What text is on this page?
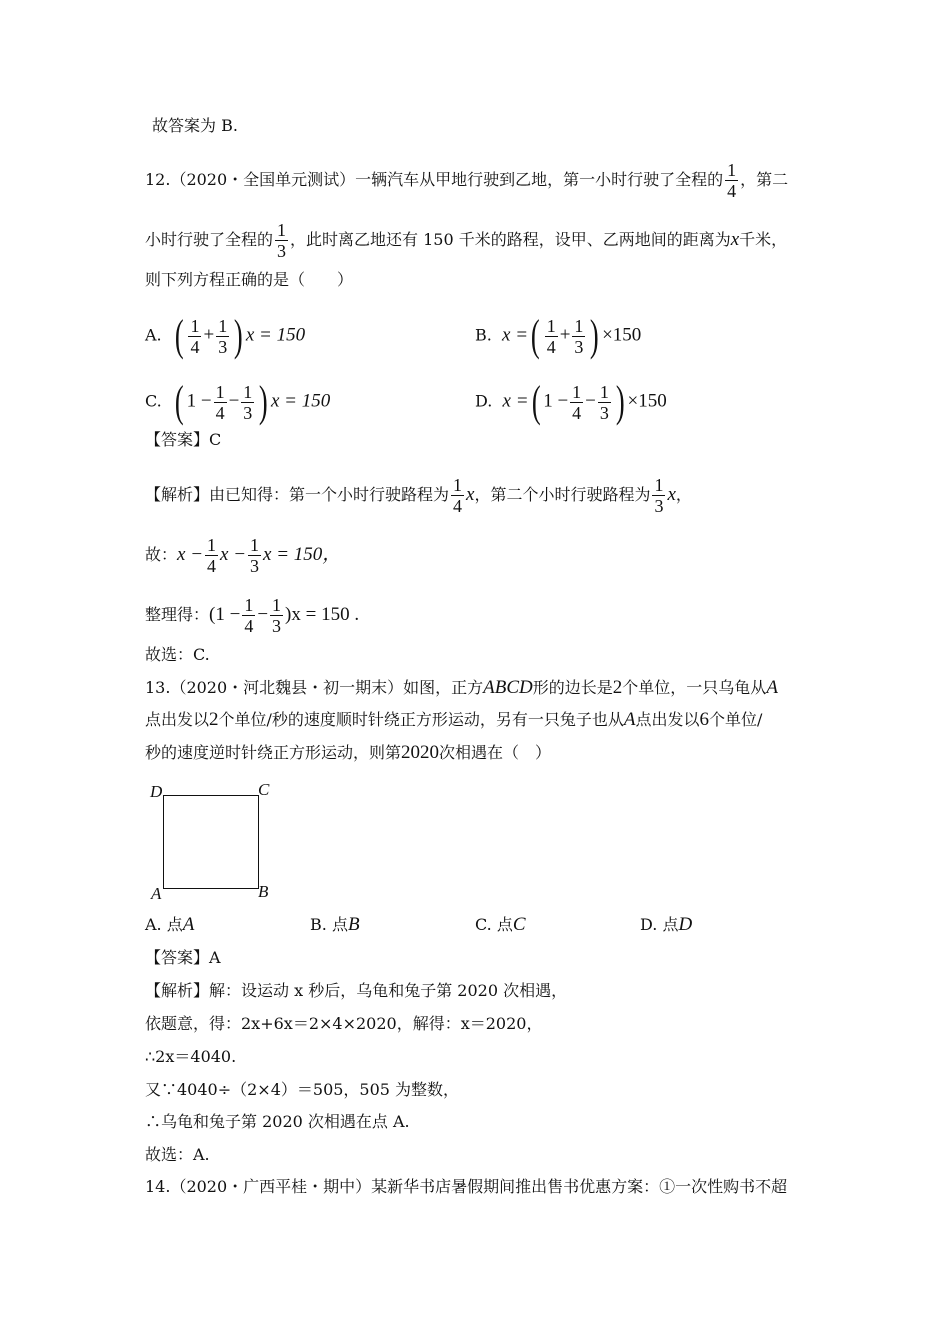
故答案为 B.
12.（2020・全国单元测试）一辆汽车从甲地行驶到乙地，第一小时行驶了全程的 $\frac{1}{4}$ ，第二
小时行驶了全程的 $\frac{1}{3}$ ，此时离乙地还有 150 千米的路程，设甲、乙两地间的距离为x千米，
则下列方程正确的是（　　）
A. ( $\frac{1}{4} + \frac{1}{3}$ ) x = 150	B. x =( $\frac{1}{4} + \frac{1}{3}$ ) ×150
C. ( $1 - \frac{1}{4} - \frac{1}{3}$ ) x = 150	D. x =( $1 - \frac{1}{4} - \frac{1}{3}$ ) ×150
【答案】C
【解析】由已知得：第一个小时行驶路程为 $\frac{1}{4}$ x，第二个小时行驶路程为 $\frac{1}{3}$ x，
故：$x - \frac{1}{4}$ $x - \frac{1}{3}$ x = 150，
整理得：$(1 - \frac{1}{4} - \frac{1}{3} )x = 150$ .
故选：C.
13.（2020・河北魏县・初一期末）如图，正方ABCD形的边长是2个单位，一只乌龟从A
点出发以2个单位/秒的速度顺时针绕正方形运动，另有一只兔子也从A点出发以6个单位/
秒的速度逆时针绕正方形运动，则第2020次相遇在（　）
D	C
A	B
A. 点A	B. 点B	C. 点C	D. 点D
【答案】A
【解析】解：设运动 x 秒后，乌龟和兔子第 2020 次相遇，
依题意，得：2x+6x＝2×4×2020，解得：x＝2020，
∴2x＝4040.
又∵4040÷（2×4）＝505，505 为整数，
∴乌龟和兔子第 2020 次相遇在点 A.
故选：A.
14.（2020・广西平桂・期中）某新华书店暑假期间推出售书优惠方案：①一次性购书不超
